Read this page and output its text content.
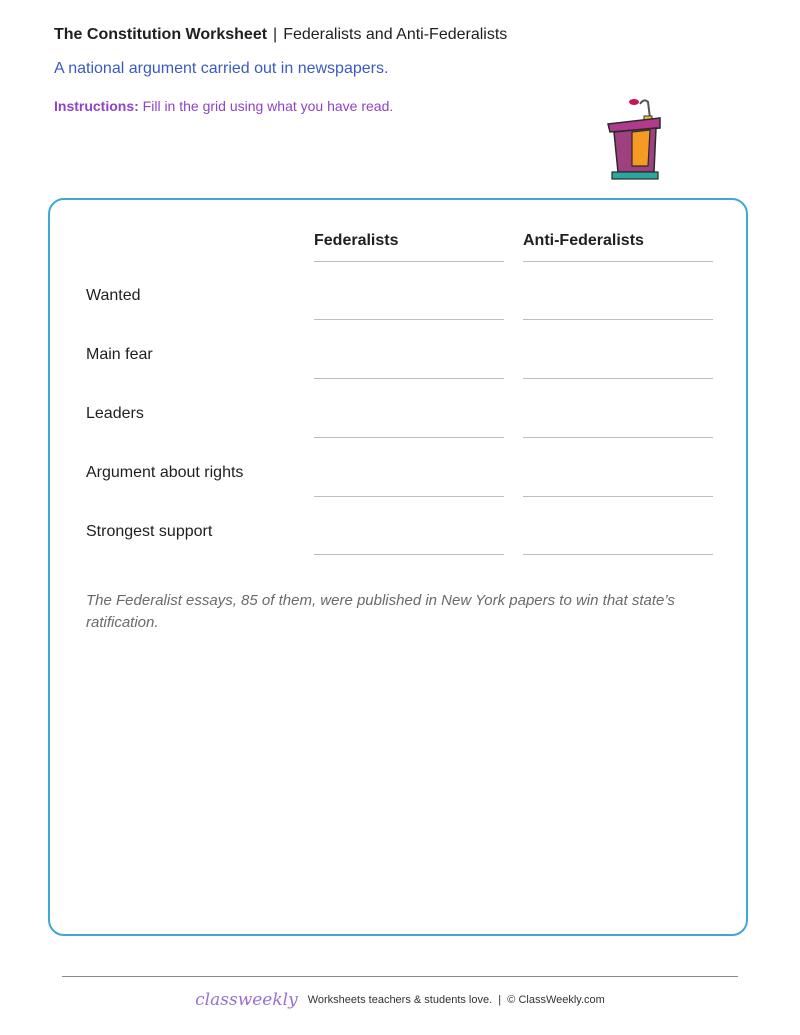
The Constitution Worksheet | Federalists and Anti-Federalists
A national argument carried out in newspapers.
Instructions: Fill in the grid using what you have read.
Federalists	Anti-Federalists
Wanted
Main fear
Leaders
Argument about rights
Strongest support
The Federalist essays, 85 of them, were published in New York papers to win that state’s ratification.
classweekly Worksheets teachers & students love. | © ClassWeekly.com
